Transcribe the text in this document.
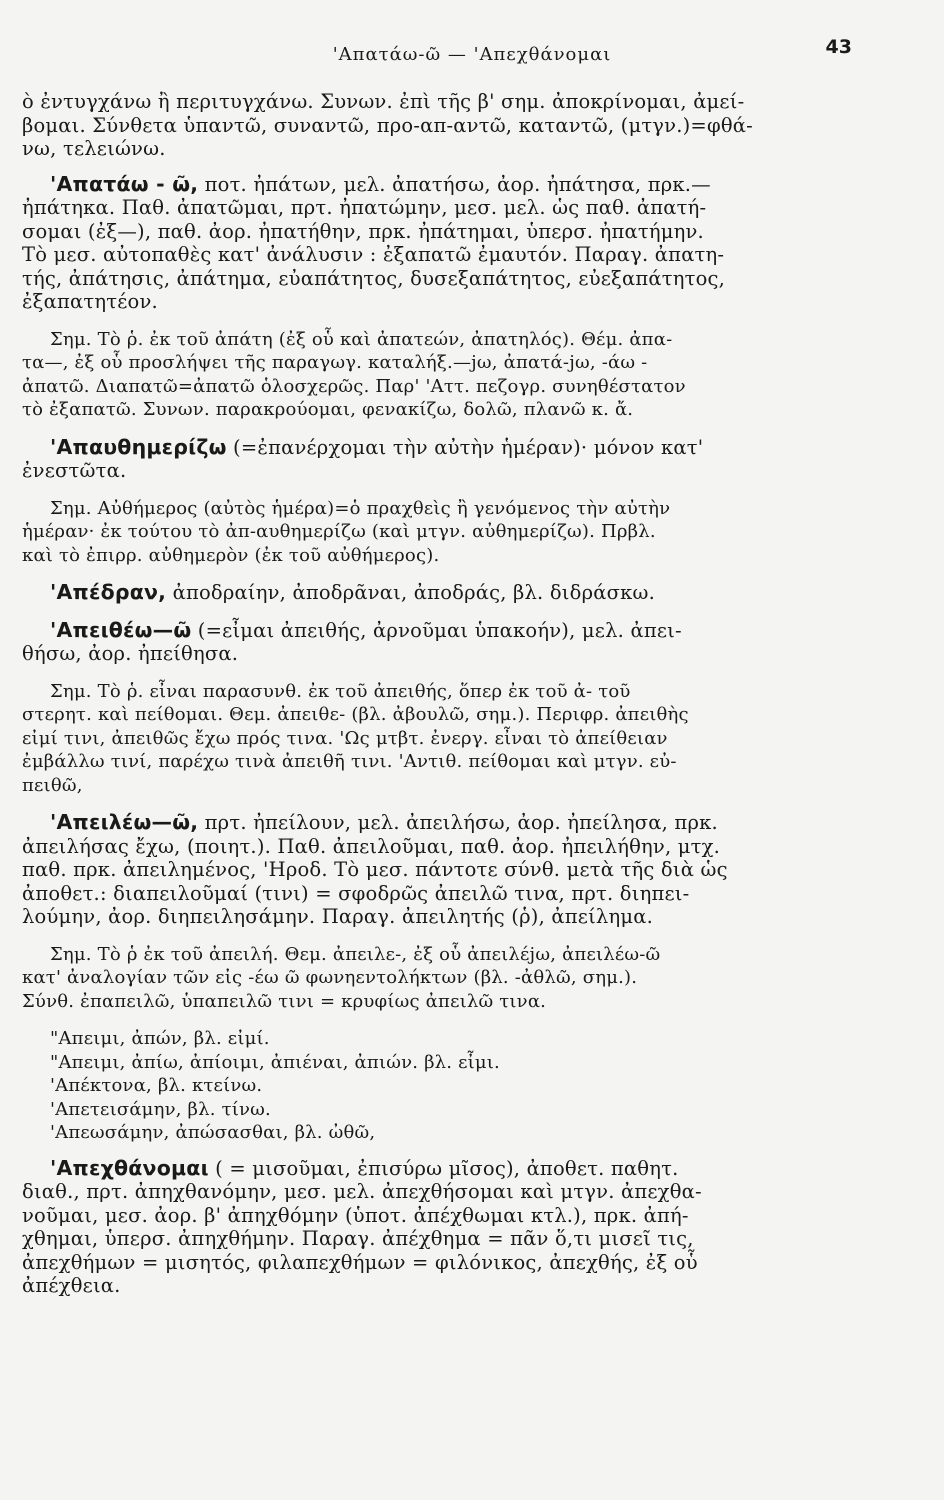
'Απατάω-ῶ — 'Απεχθάνομαι	43
ὸ ἐντυγχάνω ἢ περιτυγχάνω. Συνων. ἐπὶ τῆς β' σημ. ἀποκρίνομαι, ἀμεί-
βομαι. Σύνθετα ὑπαντῶ, συναντῶ, προ-απ-αντῶ, καταντῶ, (μτγν.)=φθά-
νω, τελειώνω.
'Απατάω - ῶ, ποτ. ἠπάτων, μελ. ἀπατήσω, ἀορ. ἠπάτησα, πρκ.—
ἠπάτηκα. Παθ. ἀπατῶμαι, πρτ. ἠπατώμην, μεσ. μελ. ὡς παθ. ἀπατή-
σομαι (ἐξ—), παθ. ἀορ. ἠπατήθην, πρκ. ἠπάτημαι, ὑπερσ. ἠπατήμην.
Τὸ μεσ. αὐτοπαθὲς κατ' ἀνάλυσιν : ἐξαπατῶ ἐμαυτόν. Παραγ. ἀπατη-
τής, ἀπάτησις, ἀπάτημα, εὐαπάτητος, δυσεξαπάτητος, εὐεξαπάτητος,
ἐξαπατητέον.
Σημ. Τὸ ῥ. ἐκ τοῦ ἀπάτη (ἐξ οὗ καὶ ἀπατεών, ἀπατηλός). Θέμ. ἀπα-
τα—, ἐξ οὗ προσλήψει τῆς παραγωγ. καταλήξ.—jω, ἀπατά-jω, -άω -
ἀπατῶ. Διαπατῶ=ἀπατῶ ὁλοσχερῶς. Παρ' 'Αττ. πεζογρ. συνηθέστατον
τὸ ἐξαπατῶ. Συνων. παρακρούομαι, φενακίζω, δολῶ, πλανῶ κ. ἄ.
'Απαυθημερίζω (=ἐπανέρχομαι τὴν αὐτὴν ἡμέραν)· μόνον κατ'
ἐνεστῶτα.
Σημ. Αὐθήμερος (αὐτὸς ἡμέρα)=ὁ πραχθεὶς ἢ γενόμενος τὴν αὐτὴν
ἡμέραν· ἐκ τούτου τὸ ἀπ-αυθημερίζω (καὶ μτγν. αὐθημερίζω). Πρβλ.
καὶ τὸ ἐπιρρ. αὐθημερὸν (ἐκ τοῦ αὐθήμερος).
'Απέδραν, ἀποδραίην, ἀποδρᾶναι, ἀποδράς, βλ. διδράσκω.
'Απειθέω—ῶ (=εἶμαι ἀπειθής, ἀρνοῦμαι ὑπακοήν), μελ. ἀπει-
θήσω, ἀορ. ἠπείθησα.
Σημ. Τὸ ῥ. εἶναι παρασυνθ. ἐκ τοῦ ἀπειθής, ὅπερ ἐκ τοῦ ἀ- τοῦ
στερητ. καὶ πείθομαι. Θεμ. ἀπειθε- (βλ. ἀβουλῶ, σημ.). Περιφρ. ἀπειθὴς
εἰμί τινι, ἀπειθῶς ἔχω πρός τινα. 'Ως μτβτ. ἐνεργ. εἶναι τὸ ἀπείθειαν
ἐμβάλλω τινί, παρέχω τινὰ ἀπειθῆ τινι. 'Αντιθ. πείθομαι καὶ μτγν. εὐ-
πειθῶ,
'Απειλέω—ῶ, πρτ. ἠπείλουν, μελ. ἀπειλήσω, ἀορ. ἠπείλησα, πρκ.
ἀπειλήσας ἔχω, (ποιητ.). Παθ. ἀπειλοῦμαι, παθ. ἀορ. ἠπειλήθην, μτχ.
παθ. πρκ. ἀπειλημένος, 'Ηροδ. Τὸ μεσ. πάντοτε σύνθ. μετὰ τῆς διὰ ὡς
ἀποθετ.: διαπειλοῦμαί (τινι) = σφοδρῶς ἀπειλῶ τινα, πρτ. διηπει-
λούμην, ἀορ. διηπειλησάμην. Παραγ. ἀπειλητής (ῥ), ἀπείλημα.
Σημ. Τὸ ῥ ἐκ τοῦ ἀπειλή. Θεμ. ἀπειλε-, ἐξ οὗ ἀπειλέjω, ἀπειλέω-ῶ
κατ' ἀναλογίαν τῶν εἰς -έω ῶ φωνηεντολήκτων (βλ. -ἀθλῶ, σημ.).
Σύνθ. ἐπαπειλῶ, ὑπαπειλῶ τινι = κρυφίως ἀπειλῶ τινα.
"Απειμι, ἀπών, βλ. εἰμί.
"Απειμι, ἀπίω, ἀπίοιμι, ἀπιέναι, ἀπιών. βλ. εἶμι.
'Απέκτονα, βλ. κτείνω.
'Απετεισάμην, βλ. τίνω.
'Απεωσάμην, ἀπώσασθαι, βλ. ὠθῶ,
'Απεχθάνομαι ( = μισοῦμαι, ἐπισύρω μῖσος), ἀποθετ. παθητ.
διαθ., πρτ. ἀπηχθανόμην, μεσ. μελ. ἀπεχθήσομαι καὶ μτγν. ἀπεχθα-
νοῦμαι, μεσ. ἀορ. β' ἀπηχθόμην (ὑποτ. ἀπέχθωμαι κτλ.), πρκ. ἀπή-
χθημαι, ὑπερσ. ἀπηχθήμην. Παραγ. ἀπέχθημα = πᾶν ὅ,τι μισεῖ τις,
ἀπεχθήμων = μισητός, φιλαπεχθήμων = φιλόνικος, ἀπεχθής, ἐξ οὗ
ἀπέχθεια.
